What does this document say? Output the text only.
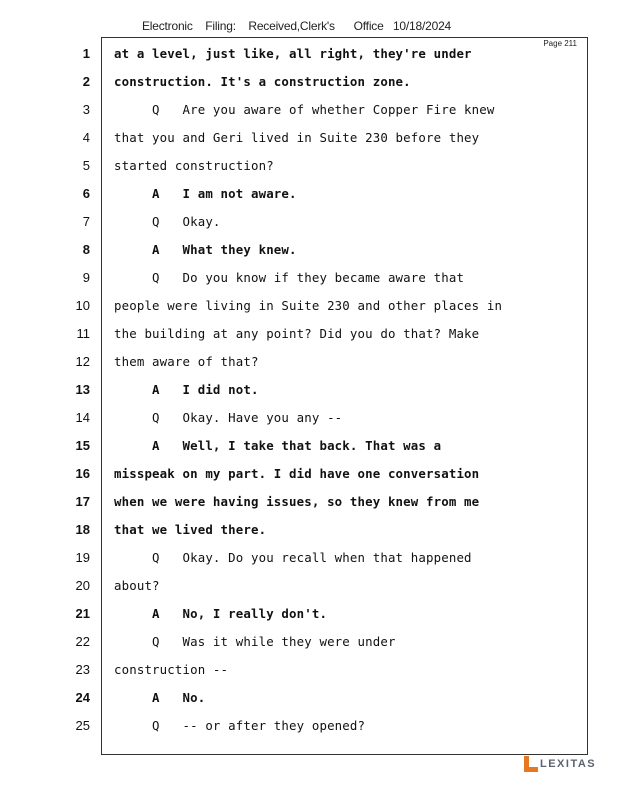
Electronic    Filing:    Received,Clerk's      Office   10/18/2024
Page 211
1 at a level, just like, all right, they're under
2 construction. It's a construction zone.
3 Q   Are you aware of whether Copper Fire knew
4 that you and Geri lived in Suite 230 before they
5 started construction?
6 A   I am not aware.
7 Q   Okay.
8 A   What they knew.
9 Q   Do you know if they became aware that
10 people were living in Suite 230 and other places in
11 the building at any point? Did you do that? Make
12 them aware of that?
13 A   I did not.
14 Q   Okay. Have you any --
15 A   Well, I take that back. That was a
16 misspeak on my part. I did have one conversation
17 when we were having issues, so they knew from me
18 that we lived there.
19 Q   Okay. Do you recall when that happened
20 about?
21 A   No, I really don't.
22 Q   Was it while they were under
23 construction --
24 A   No.
25 Q   -- or after they opened?
LEXITAS
